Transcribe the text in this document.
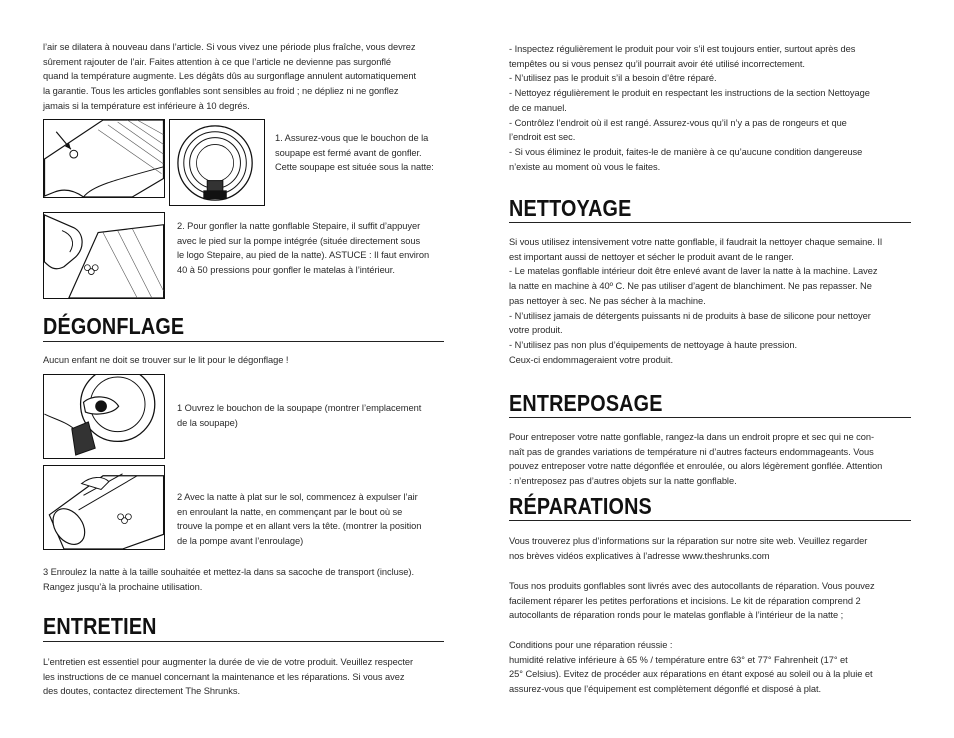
l’air se dilatera à nouveau dans l’article. Si vous vivez une période plus fraîche, vous devrez
sûrement rajouter de l’air. Faites attention à ce que l’article ne devienne pas surgonflé
quand la température augmente. Les dégâts dûs au surgonflage annulent automatiquement
la garantie. Tous les articles gonflables sont sensibles au froid ; ne dépliez ni ne gonflez
jamais si la température est inférieure à 10 degrés.
1. Assurez-vous que le bouchon de la
soupape est fermé avant de gonfler.
Cette soupape est située sous la natte:
2. Pour gonfler la natte gonflable Stepaire, il suffit d’appuyer
avec le pied sur la pompe intégrée (située directement sous
le logo Stepaire, au pied de la natte). ASTUCE : Il faut environ
40 à 50 pressions pour gonfler le matelas à l’intérieur.
DÉGONFLAGE
Aucun enfant ne doit se trouver sur le lit pour le dégonflage !
1 Ouvrez le bouchon de la soupape (montrer l’emplacement
de la soupape)
2 Avec la natte à plat sur le sol, commencez à expulser l’air
en enroulant la natte, en commençant par le bout où se
trouve la pompe et en allant vers la tête. (montrer la position
de la pompe avant l’enroulage)
3 Enroulez la natte à la taille souhaitée et mettez-la dans sa sacoche de transport (incluse).
Rangez jusqu’à la prochaine utilisation.
ENTRETIEN
L’entretien est essentiel pour augmenter la durée de vie de votre produit. Veuillez respecter
les instructions de ce manuel concernant la maintenance et les réparations. Si vous avez
des doutes, contactez directement The Shrunks.
- Inspectez régulièrement le produit pour voir s’il est toujours entier, surtout après des
tempêtes ou si vous pensez qu’il pourrait avoir été utilisé incorrectement.
- N’utilisez pas le produit s’il a besoin d’être réparé.
- Nettoyez régulièrement le produit en respectant les instructions de la section Nettoyage
de ce manuel.
- Contrôlez l’endroit où il est rangé. Assurez-vous qu’il n’y a pas de rongeurs et que
l’endroit est sec.
- Si vous éliminez le produit, faites-le de manière à ce qu’aucune condition dangereuse
n’existe au moment où vous le faites.
NETTOYAGE
Si vous utilisez intensivement votre natte gonflable, il faudrait la nettoyer chaque semaine. Il
est important aussi de nettoyer et sécher le produit avant de le ranger.
- Le matelas gonflable intérieur doit être enlevé avant de laver la natte à la machine. Lavez
la natte en machine à 40º C. Ne pas utiliser d’agent de blanchiment. Ne pas repasser. Ne
pas nettoyer à sec. Ne pas sécher à la machine.
- N’utilisez jamais de détergents puissants ni de produits à base de silicone pour nettoyer
votre produit.
- N’utilisez pas non plus d’équipements de nettoyage à haute pression.
Ceux-ci endommageraient votre produit.
ENTREPOSAGE
Pour entreposer votre natte gonflable, rangez-la dans un endroit propre et sec qui ne con-
naît pas de grandes variations de température ni d’autres facteurs endommageants. Vous
pouvez entreposer votre natte dégonflée et enroulée, ou alors légèrement gonflée. Attention
: n’entreposez pas d’autres objets sur la natte gonflable.
RÉPARATIONS
Vous trouverez plus d’informations sur la réparation sur notre site web. Veuillez regarder
nos brèves vidéos explicatives à l’adresse www.theshrunks.com
Tous nos produits gonflables sont livrés avec des autocollants de réparation. Vous pouvez
facilement réparer les petites perforations et incisions. Le kit de réparation comprend 2
autocollants de réparation ronds pour le matelas gonflable à l’intérieur de la natte ;
Conditions pour une réparation réussie :
humidité relative inférieure à 65 % / température entre 63° et 77° Fahrenheit (17° et
25° Celsius). Evitez de procéder aux réparations en étant exposé au soleil ou à la pluie et
assurez-vous que l’équipement est complètement dégonflé et disposé à plat.
